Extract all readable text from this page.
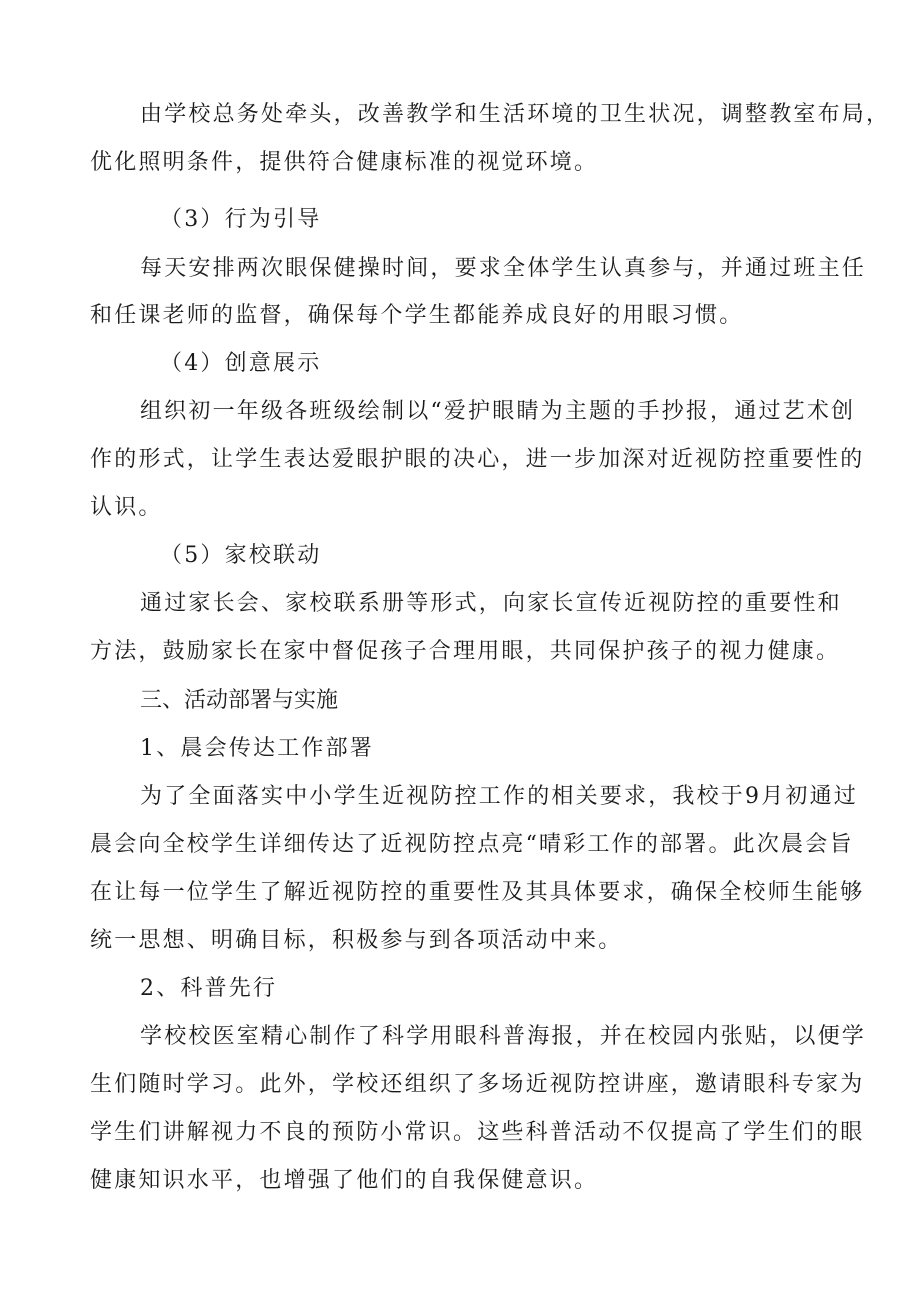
由学校总务处牵头，改善教学和生活环境的卫生状况，调整教室布局，
优化照明条件，提供符合健康标准的视觉环境。
（3）行为引导
每天安排两次眼保健操时间，要求全体学生认真参与，并通过班主任
和任课老师的监督，确保每个学生都能养成良好的用眼习惯。
（4）创意展示
组织初一年级各班级绘制以“爱护眼睛为主题的手抄报，通过艺术创
作的形式，让学生表达爱眼护眼的决心，进一步加深对近视防控重要性的
认识。
（5）家校联动
通过家长会、家校联系册等形式，向家长宣传近视防控的重要性和
方法，鼓励家长在家中督促孩子合理用眼，共同保护孩子的视力健康。
三、活动部署与实施
1、晨会传达工作部署
为了全面落实中小学生近视防控工作的相关要求，我校于9月初通过
晨会向全校学生详细传达了近视防控点亮“晴彩工作的部署。此次晨会旨
在让每一位学生了解近视防控的重要性及其具体要求，确保全校师生能够
统一思想、明确目标，积极参与到各项活动中来。
2、科普先行
学校校医室精心制作了科学用眼科普海报，并在校园内张贴，以便学
生们随时学习。此外，学校还组织了多场近视防控讲座，邀请眼科专家为
学生们讲解视力不良的预防小常识。这些科普活动不仅提高了学生们的眼
健康知识水平，也增强了他们的自我保健意识。
